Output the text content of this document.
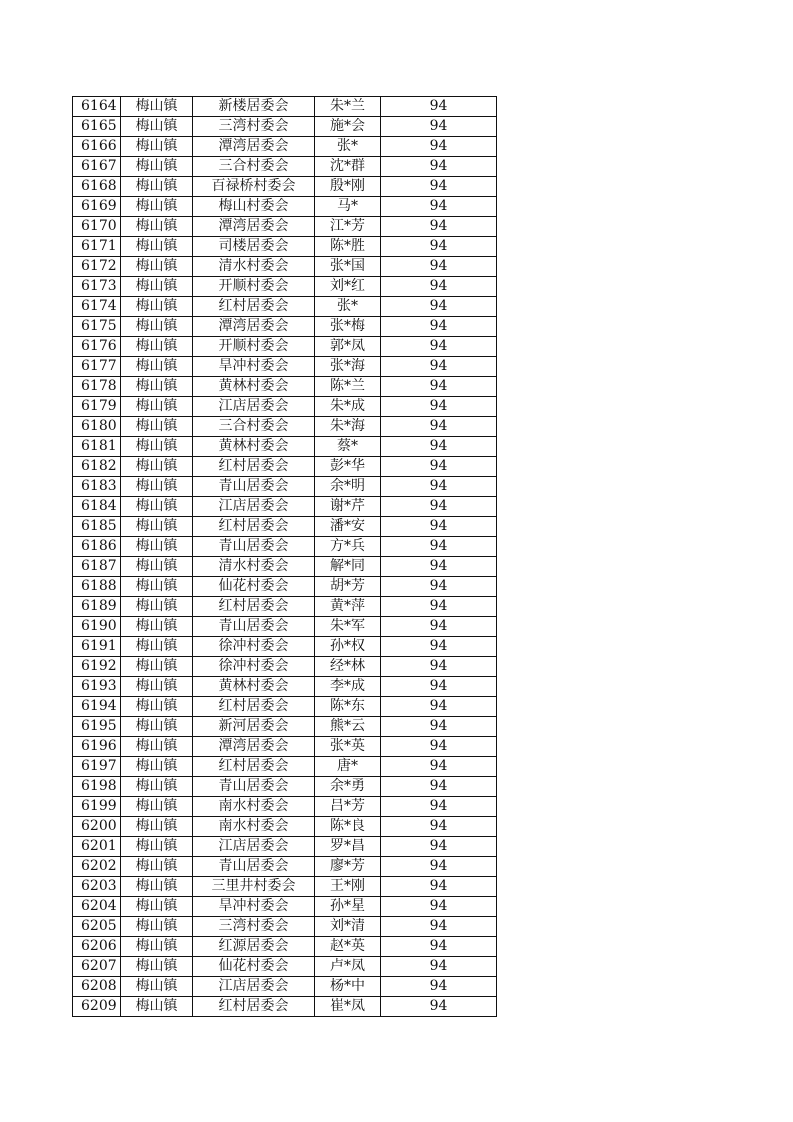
6164	梅山镇	新楼居委会	朱*兰	94
6165	梅山镇	三湾村委会	施*会	94
6166	梅山镇	潭湾居委会	张*	94
6167	梅山镇	三合村委会	沈*群	94
6168	梅山镇	百禄桥村委会	殷*刚	94
6169	梅山镇	梅山村委会	马*	94
6170	梅山镇	潭湾居委会	江*芳	94
6171	梅山镇	司楼居委会	陈*胜	94
6172	梅山镇	清水村委会	张*国	94
6173	梅山镇	开顺村委会	刘*红	94
6174	梅山镇	红村居委会	张*	94
6175	梅山镇	潭湾居委会	张*梅	94
6176	梅山镇	开顺村委会	郭*凤	94
6177	梅山镇	旱冲村委会	张*海	94
6178	梅山镇	黄林村委会	陈*兰	94
6179	梅山镇	江店居委会	朱*成	94
6180	梅山镇	三合村委会	朱*海	94
6181	梅山镇	黄林村委会	蔡*	94
6182	梅山镇	红村居委会	彭*华	94
6183	梅山镇	青山居委会	余*明	94
6184	梅山镇	江店居委会	谢*芹	94
6185	梅山镇	红村居委会	潘*安	94
6186	梅山镇	青山居委会	方*兵	94
6187	梅山镇	清水村委会	解*同	94
6188	梅山镇	仙花村委会	胡*芳	94
6189	梅山镇	红村居委会	黄*萍	94
6190	梅山镇	青山居委会	朱*军	94
6191	梅山镇	徐冲村委会	孙*权	94
6192	梅山镇	徐冲村委会	经*林	94
6193	梅山镇	黄林村委会	李*成	94
6194	梅山镇	红村居委会	陈*东	94
6195	梅山镇	新河居委会	熊*云	94
6196	梅山镇	潭湾居委会	张*英	94
6197	梅山镇	红村居委会	唐*	94
6198	梅山镇	青山居委会	余*勇	94
6199	梅山镇	南水村委会	吕*芳	94
6200	梅山镇	南水村委会	陈*良	94
6201	梅山镇	江店居委会	罗*昌	94
6202	梅山镇	青山居委会	廖*芳	94
6203	梅山镇	三里井村委会	王*刚	94
6204	梅山镇	旱冲村委会	孙*星	94
6205	梅山镇	三湾村委会	刘*清	94
6206	梅山镇	红源居委会	赵*英	94
6207	梅山镇	仙花村委会	卢*凤	94
6208	梅山镇	江店居委会	杨*中	94
6209	梅山镇	红村居委会	崔*凤	94
